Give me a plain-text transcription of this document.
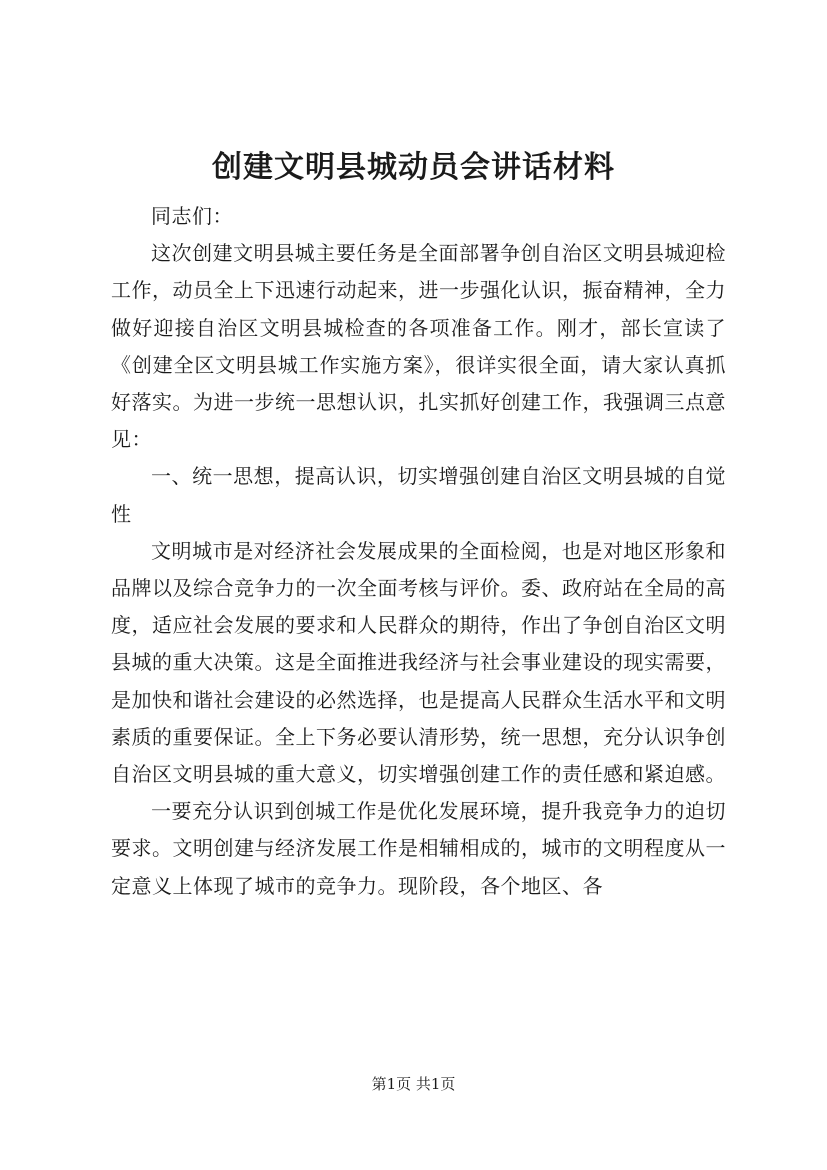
创建文明县城动员会讲话材料

同志们：

这次创建文明县城主要任务是全面部署争创自治区文明县城迎检工作，动员全上下迅速行动起来，进一步强化认识，振奋精神，全力做好迎接自治区文明县城检查的各项准备工作。刚才，部长宣读了《创建全区文明县城工作实施方案》，很详实很全面，请大家认真抓好落实。为进一步统一思想认识，扎实抓好创建工作，我强调三点意见：

一、统一思想，提高认识，切实增强创建自治区文明县城的自觉性

文明城市是对经济社会发展成果的全面检阅，也是对地区形象和品牌以及综合竞争力的一次全面考核与评价。委、政府站在全局的高度，适应社会发展的要求和人民群众的期待，作出了争创自治区文明县城的重大决策。这是全面推进我经济与社会事业建设的现实需要，是加快和谐社会建设的必然选择，也是提高人民群众生活水平和文明素质的重要保证。全上下务必要认清形势，统一思想，充分认识争创自治区文明县城的重大意义，切实增强创建工作的责任感和紧迫感。

一要充分认识到创城工作是优化发展环境，提升我竞争力的迫切要求。文明创建与经济发展工作是相辅相成的，城市的文明程度从一定意义上体现了城市的竞争力。现阶段，各个地区、各

第1页 共1页
